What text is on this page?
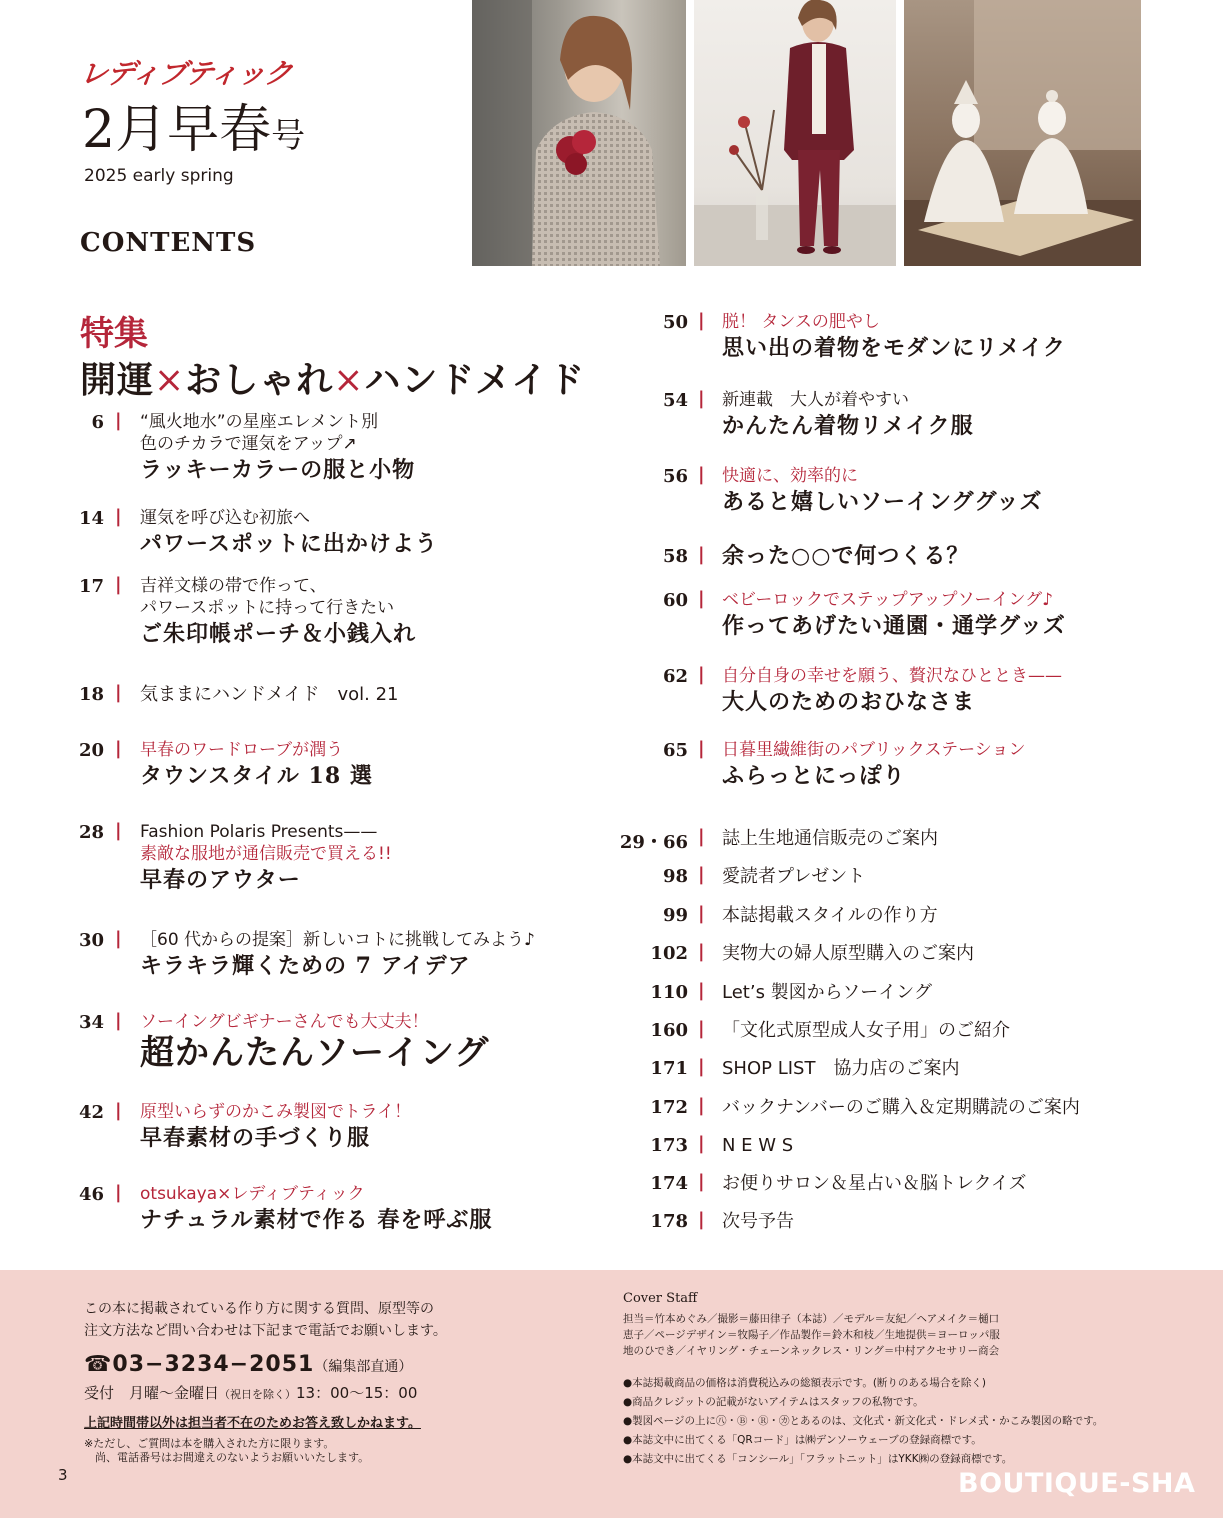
レディブティック
2月早春号
2025 early spring
CONTENTS
特集
開運×おしゃれ×ハンドメイド
6 | “風火地水”の星座エレメント別
色のチカラで運気をアップ↗
ラッキーカラーの服と小物
14 | 運気を呼び込む初旅へ
パワースポットに出かけよう
17 | 吉祥文様の帯で作って、
パワースポットに持って行きたい
ご朱印帳ポーチ＆小銭入れ
18 | 気ままにハンドメイド　vol. 21
20 | 早春のワードローブが潤う
タウンスタイル 18 選
28 | Fashion Polaris Presents——
素敵な服地が通信販売で買える!!
早春のアウター
30 | ［60 代からの提案］新しいコトに挑戦してみよう♪
キラキラ輝くための 7 アイデア
34 | ソーイングビギナーさんでも大丈夫！
超かんたんソーイング
42 | 原型いらずのかこみ製図でトライ！
早春素材の手づくり服
46 | otsukaya×レディブティック
ナチュラル素材で作る 春を呼ぶ服
50 | 脱！ タンスの肥やし
思い出の着物をモダンにリメイク
54 | 新連載　大人が着やすい
かんたん着物リメイク服
56 | 快適に、効率的に
あると嬉しいソーインググッズ
58 | 余った○○で何つくる？
60 | ベビーロックでステップアップソーイング♪
作ってあげたい通園・通学グッズ
62 | 自分自身の幸せを願う、贅沢なひととき——
大人のためのおひなさま
65 | 日暮里繊維街のパブリックステーション
ふらっとにっぽり
29・66 | 誌上生地通信販売のご案内
98 | 愛読者プレゼント
99 | 本誌掲載スタイルの作り方
102 | 実物大の婦人原型購入のご案内
110 | Let’s 製図からソーイング
160 | 「文化式原型成人女子用」のご紹介
171 | SHOP LIST　協力店のご案内
172 | バックナンバーのご購入＆定期購読のご案内
173 | N E W S
174 | お便りサロン＆星占い＆脳トレクイズ
178 | 次号予告
この本に掲載されている作り方に関する質問、原型等の
注文方法など問い合わせは下記まで電話でお願いします。
☎03−3234−2051（編集部直通）
受付　月曜～金曜日（祝日を除く）13：00～15：00
上記時間帯以外は担当者不在のためお答え致しかねます。
※ただし、ご質問は本を購入された方に限ります。
　尚、電話番号はお間違えのないようお願いいたします。
3
Cover Staff
担当＝竹本めぐみ／撮影＝藤田律子（本誌）／モデル＝友紀／ヘアメイク＝樋口
恵子／ページデザイン＝牧陽子／作品製作＝鈴木和枝／生地提供＝ヨーロッパ服
地のひでき／イヤリング・チェーンネックレス・リング＝中村アクセサリー商会
●本誌掲載商品の価格は消費税込みの総額表示です。(断りのある場合を除く)
●商品クレジットの記載がないアイテムはスタッフの私物です。
●製図ページの上に㊇・Ⓑ・Ⓡ・㋕とあるのは、文化式・新文化式・ドレメ式・かこみ製図の略です。
●本誌文中に出てくる「QRコード」は㈱デンソーウェーブの登録商標です。
●本誌文中に出てくる「コンシール」「フラットニット」はYKK㈱の登録商標です。
BOUTIQUE-SHA
